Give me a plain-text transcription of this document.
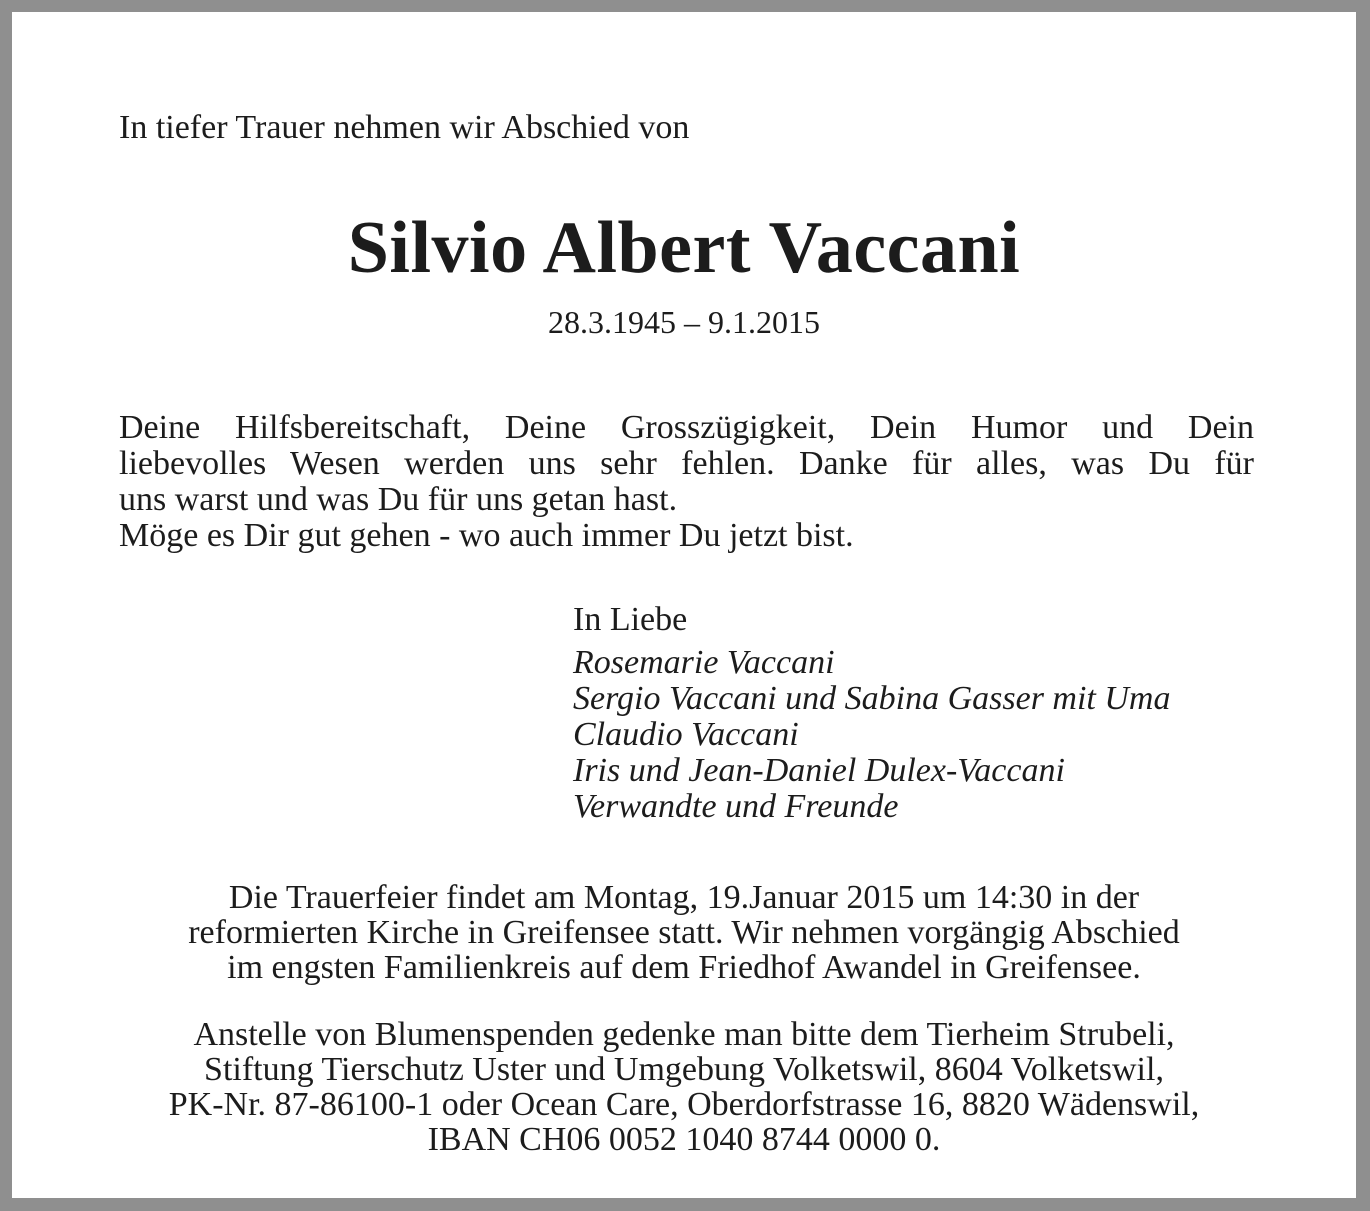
In tiefer Trauer nehmen wir Abschied von

Silvio Albert Vaccani

28.3.1945 – 9.1.2015

Deine Hilfsbereitschaft, Deine Grosszügigkeit, Dein Humor und Dein
liebevolles Wesen werden uns sehr fehlen. Danke für alles, was Du für
uns warst und was Du für uns getan hast.
Möge es Dir gut gehen - wo auch immer Du jetzt bist.
In Liebe
Rosemarie Vaccani
Sergio Vaccani und Sabina Gasser mit Uma
Claudio Vaccani
Iris und Jean-Daniel Dulex-Vaccani
Verwandte und Freunde
Die Trauerfeier findet am Montag, 19.Januar 2015 um 14:30 in der
reformierten Kirche in Greifensee statt. Wir nehmen vorgängig Abschied
im engsten Familienkreis auf dem Friedhof Awandel in Greifensee.
Anstelle von Blumenspenden gedenke man bitte dem Tierheim Strubeli,
Stiftung Tierschutz Uster und Umgebung Volketswil, 8604 Volketswil,
PK-Nr. 87-86100-1 oder Ocean Care, Oberdorfstrasse 16, 8820 Wädenswil,
IBAN CH06 0052 1040 8744 0000 0.
